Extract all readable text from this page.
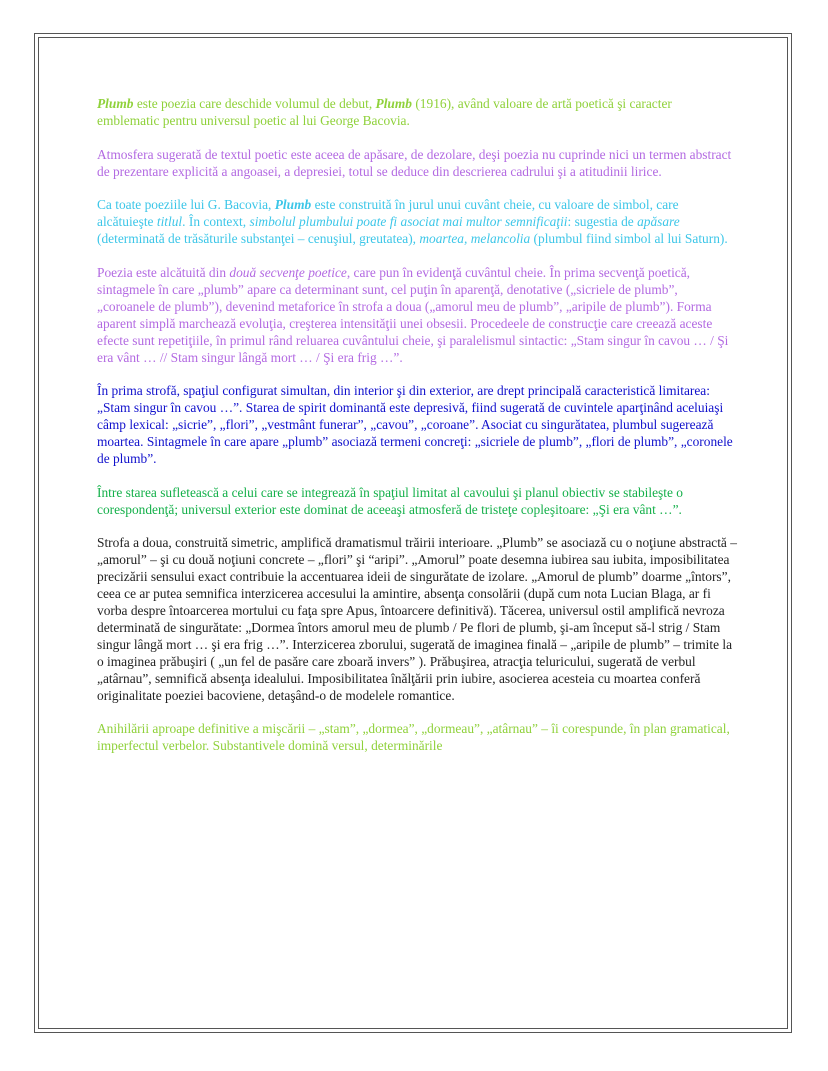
Plumb este poezia care deschide volumul de debut, Plumb (1916), având valoare de artă poetică şi caracter emblematic pentru universul poetic al lui George Bacovia.

Atmosfera sugerată de textul poetic este aceea de apăsare, de dezolare, deşi poezia nu cuprinde nici un termen abstract de prezentare explicită a angoasei, a depresiei, totul se deduce din descrierea cadrului şi a atitudinii lirice.

Ca toate poeziile lui G. Bacovia, Plumb este construită în jurul unui cuvânt cheie, cu valoare de simbol, care alcătuieşte titlul. În context, simbolul plumbului poate fi asociat mai multor semnificaţii: sugestia de apăsare (determinată de trăsăturile substanţei – cenuşiul, greutatea), moartea, melancolia (plumbul fiind simbol al lui Saturn).

Poezia este alcătuită din două secvenţe poetice, care pun în evidenţă cuvântul cheie. În prima secvenţă poetică, sintagmele în care „plumb” apare ca determinant sunt, cel puţin în aparenţă, denotative („sicriele de plumb”, „coroanele de plumb”), devenind metaforice în strofa a doua („amorul meu de plumb”, „aripile de plumb”). Forma aparent simplă marchează evoluţia, creşterea intensităţii unei obsesii. Procedeele de construcţie care creează aceste efecte sunt repetiţiile, în primul rând reluarea cuvântului cheie, şi paralelismul sintactic: „Stam singur în cavou … / Şi era vânt … // Stam singur lângă mort … / Şi era frig …”.

În prima strofă, spaţiul configurat simultan, din interior şi din exterior, are drept principală caracteristică limitarea: „Stam singur în cavou …”. Starea de spirit dominantă este depresivă, fiind sugerată de cuvintele aparţinând aceluiaşi câmp lexical: „sicrie”, „flori”, „vestmânt funerar”, „cavou”, „coroane”. Asociat cu singurătatea, plumbul sugerează moartea. Sintagmele în care apare „plumb” asociază termeni concreţi: „sicriele de plumb”, „flori de plumb”, „coronele de plumb”.

Între starea sufletească a celui care se integrează în spaţiul limitat al cavoului şi planul obiectiv se stabileşte o corespondenţă; universul exterior este dominat de aceeaşi atmosferă de tristeţe copleşitoare: „Şi era vânt …”.

Strofa a doua, construită simetric, amplifică dramatismul trăirii interioare. „Plumb” se asociază cu o noţiune abstractă – „amorul” – şi cu două noţiuni concrete – „flori” şi “aripi”. „Amorul” poate desemna iubirea sau iubita, imposibilitatea precizării sensului exact contribuie la accentuarea ideii de singurătate de izolare. „Amorul de plumb” doarme „întors”, ceea ce ar putea semnifica interzicerea accesului la amintire, absenţa consolării (după cum nota Lucian Blaga, ar fi vorba despre întoarcerea mortului cu faţa spre Apus, întoarcere definitivă). Tăcerea, universul ostil amplifică nevroza determinată de singurătate: „Dormea întors amorul meu de plumb / Pe flori de plumb, şi-am început să-l strig / Stam singur lângă mort … şi era frig …”. Interzicerea zborului, sugerată de imaginea finală – „aripile de plumb” – trimite la o imaginea prăbuşiri ( „un fel de pasăre care zboară invers” ). Prăbuşirea, atracţia teluricului, sugerată de verbul „atârnau”, semnifică absenţa idealului. Imposibilitatea înălţării prin iubire, asocierea acesteia cu moartea conferă originalitate poeziei bacoviene, detaşând-o de modelele romantice.

Anihilării aproape definitive a mişcării – „stam”, „dormea”, „dormeau”, „atârnau” – îi corespunde, în plan gramatical, imperfectul verbelor. Substantivele domină versul, determinările
